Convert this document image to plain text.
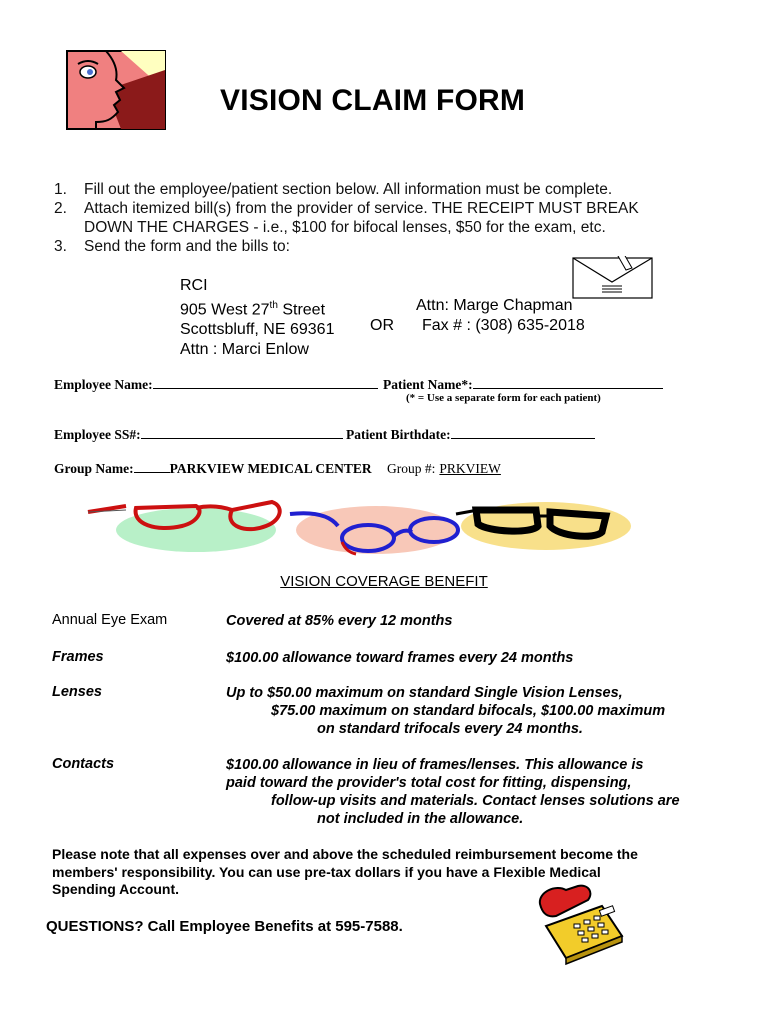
VISION CLAIM FORM
1. Fill out the employee/patient section below. All information must be complete.
2. Attach itemized bill(s) from the provider of service. THE RECEIPT MUST BREAK
DOWN THE CHARGES - i.e., $100 for bifocal lenses, $50 for the exam, etc.
3. Send the form and the bills to:
RCI
905 West 27th Street
Scottsbluff, NE 69361
Attn : Marci Enlow
OR
Attn: Marge Chapman
Fax # : (308) 635-2018
Employee Name:	Patient Name*:
(* = Use a separate form for each patient)
Employee SS#:	Patient Birthdate:
Group Name:	PARKVIEW MEDICAL CENTER Group #: PRKVIEW
VISION COVERAGE BENEFIT
Annual Eye Exam	Covered at 85% every 12 months
Frames	$100.00 allowance toward frames every 24 months
Lenses	Up to $50.00 maximum on standard Single Vision Lenses,
$75.00 maximum on standard bifocals, $100.00 maximum
on standard trifocals every 24 months.
Contacts	$100.00 allowance in lieu of frames/lenses. This allowance is
paid toward the provider's total cost for fitting, dispensing,
follow-up visits and materials. Contact lenses solutions are
not included in the allowance.
Please note that all expenses over and above the scheduled reimbursement become the
members' responsibility. You can use pre-tax dollars if you have a Flexible Medical
Spending Account.
QUESTIONS? Call Employee Benefits at 595-7588.
